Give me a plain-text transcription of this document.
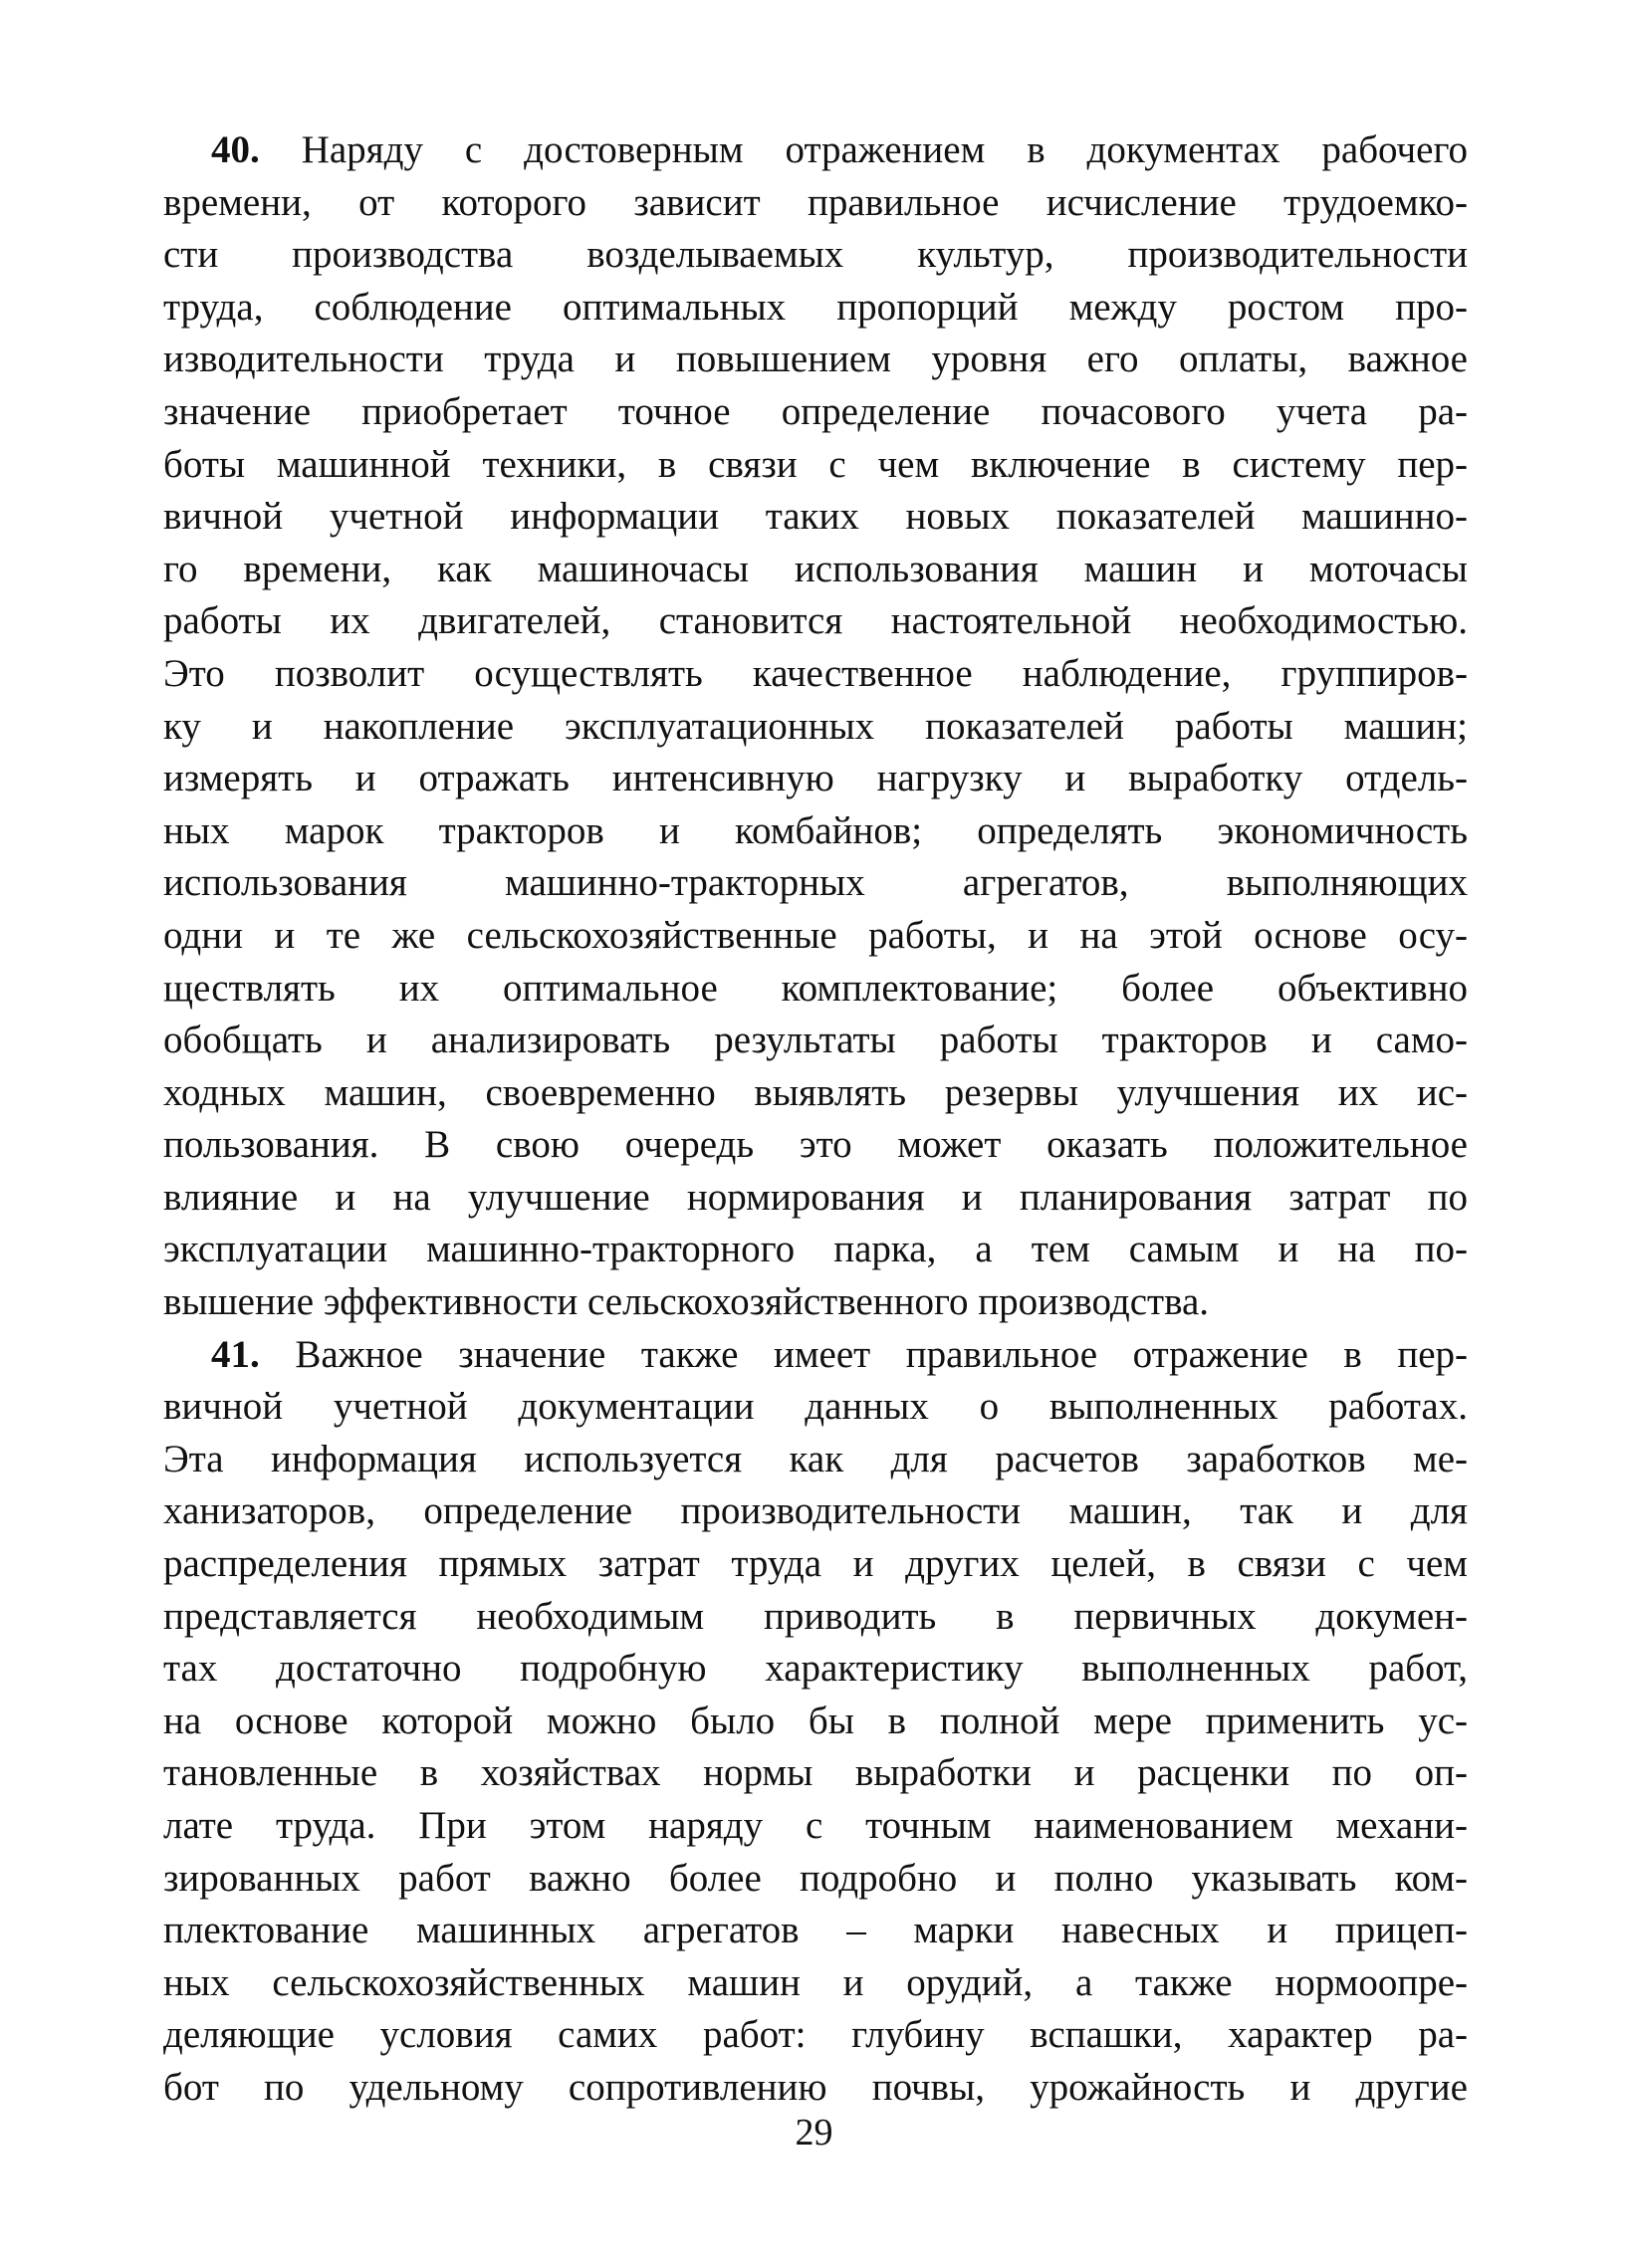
40. Наряду с достоверным отражением в документах рабочего
времени, от которого зависит правильное исчисление трудоемко-
сти производства возделываемых культур, производительности
труда, соблюдение оптимальных пропорций между ростом про-
изводительности труда и повышением уровня его оплаты, важное
значение приобретает точное определение почасового учета ра-
боты машинной техники, в связи с чем включение в систему пер-
вичной учетной информации таких новых показателей машинно-
го времени, как машиночасы использования машин и моточасы
работы их двигателей, становится настоятельной необходимостью.
Это позволит осуществлять качественное наблюдение, группиров-
ку и накопление эксплуатационных показателей работы машин;
измерять и отражать интенсивную нагрузку и выработку отдель-
ных марок тракторов и комбайнов; определять экономичность
использования машинно-тракторных агрегатов, выполняющих
одни и те же сельскохозяйственные работы, и на этой основе осу-
ществлять их оптимальное комплектование; более объективно
обобщать и анализировать результаты работы тракторов и само-
ходных машин, своевременно выявлять резервы улучшения их ис-
пользования. В свою очередь это может оказать положительное
влияние и на улучшение нормирования и планирования затрат по
эксплуатации машинно-тракторного парка, а тем самым и на по-
вышение эффективности сельскохозяйственного производства.
41. Важное значение также имеет правильное отражение в пер-
вичной учетной документации данных о выполненных работах.
Эта информация используется как для расчетов заработков ме-
ханизаторов, определение производительности машин, так и для
распределения прямых затрат труда и других целей, в связи с чем
представляется необходимым приводить в первичных докумен-
тах достаточно подробную характеристику выполненных работ,
на основе которой можно было бы в полной мере применить ус-
тановленные в хозяйствах нормы выработки и расценки по оп-
лате труда. При этом наряду с точным наименованием механи-
зированных работ важно более подробно и полно указывать ком-
плектование машинных агрегатов – марки навесных и прицеп-
ных сельскохозяйственных машин и орудий, а также нормоопре-
деляющие условия самих работ: глубину вспашки, характер ра-
бот по удельному сопротивлению почвы, урожайность и другие
29
